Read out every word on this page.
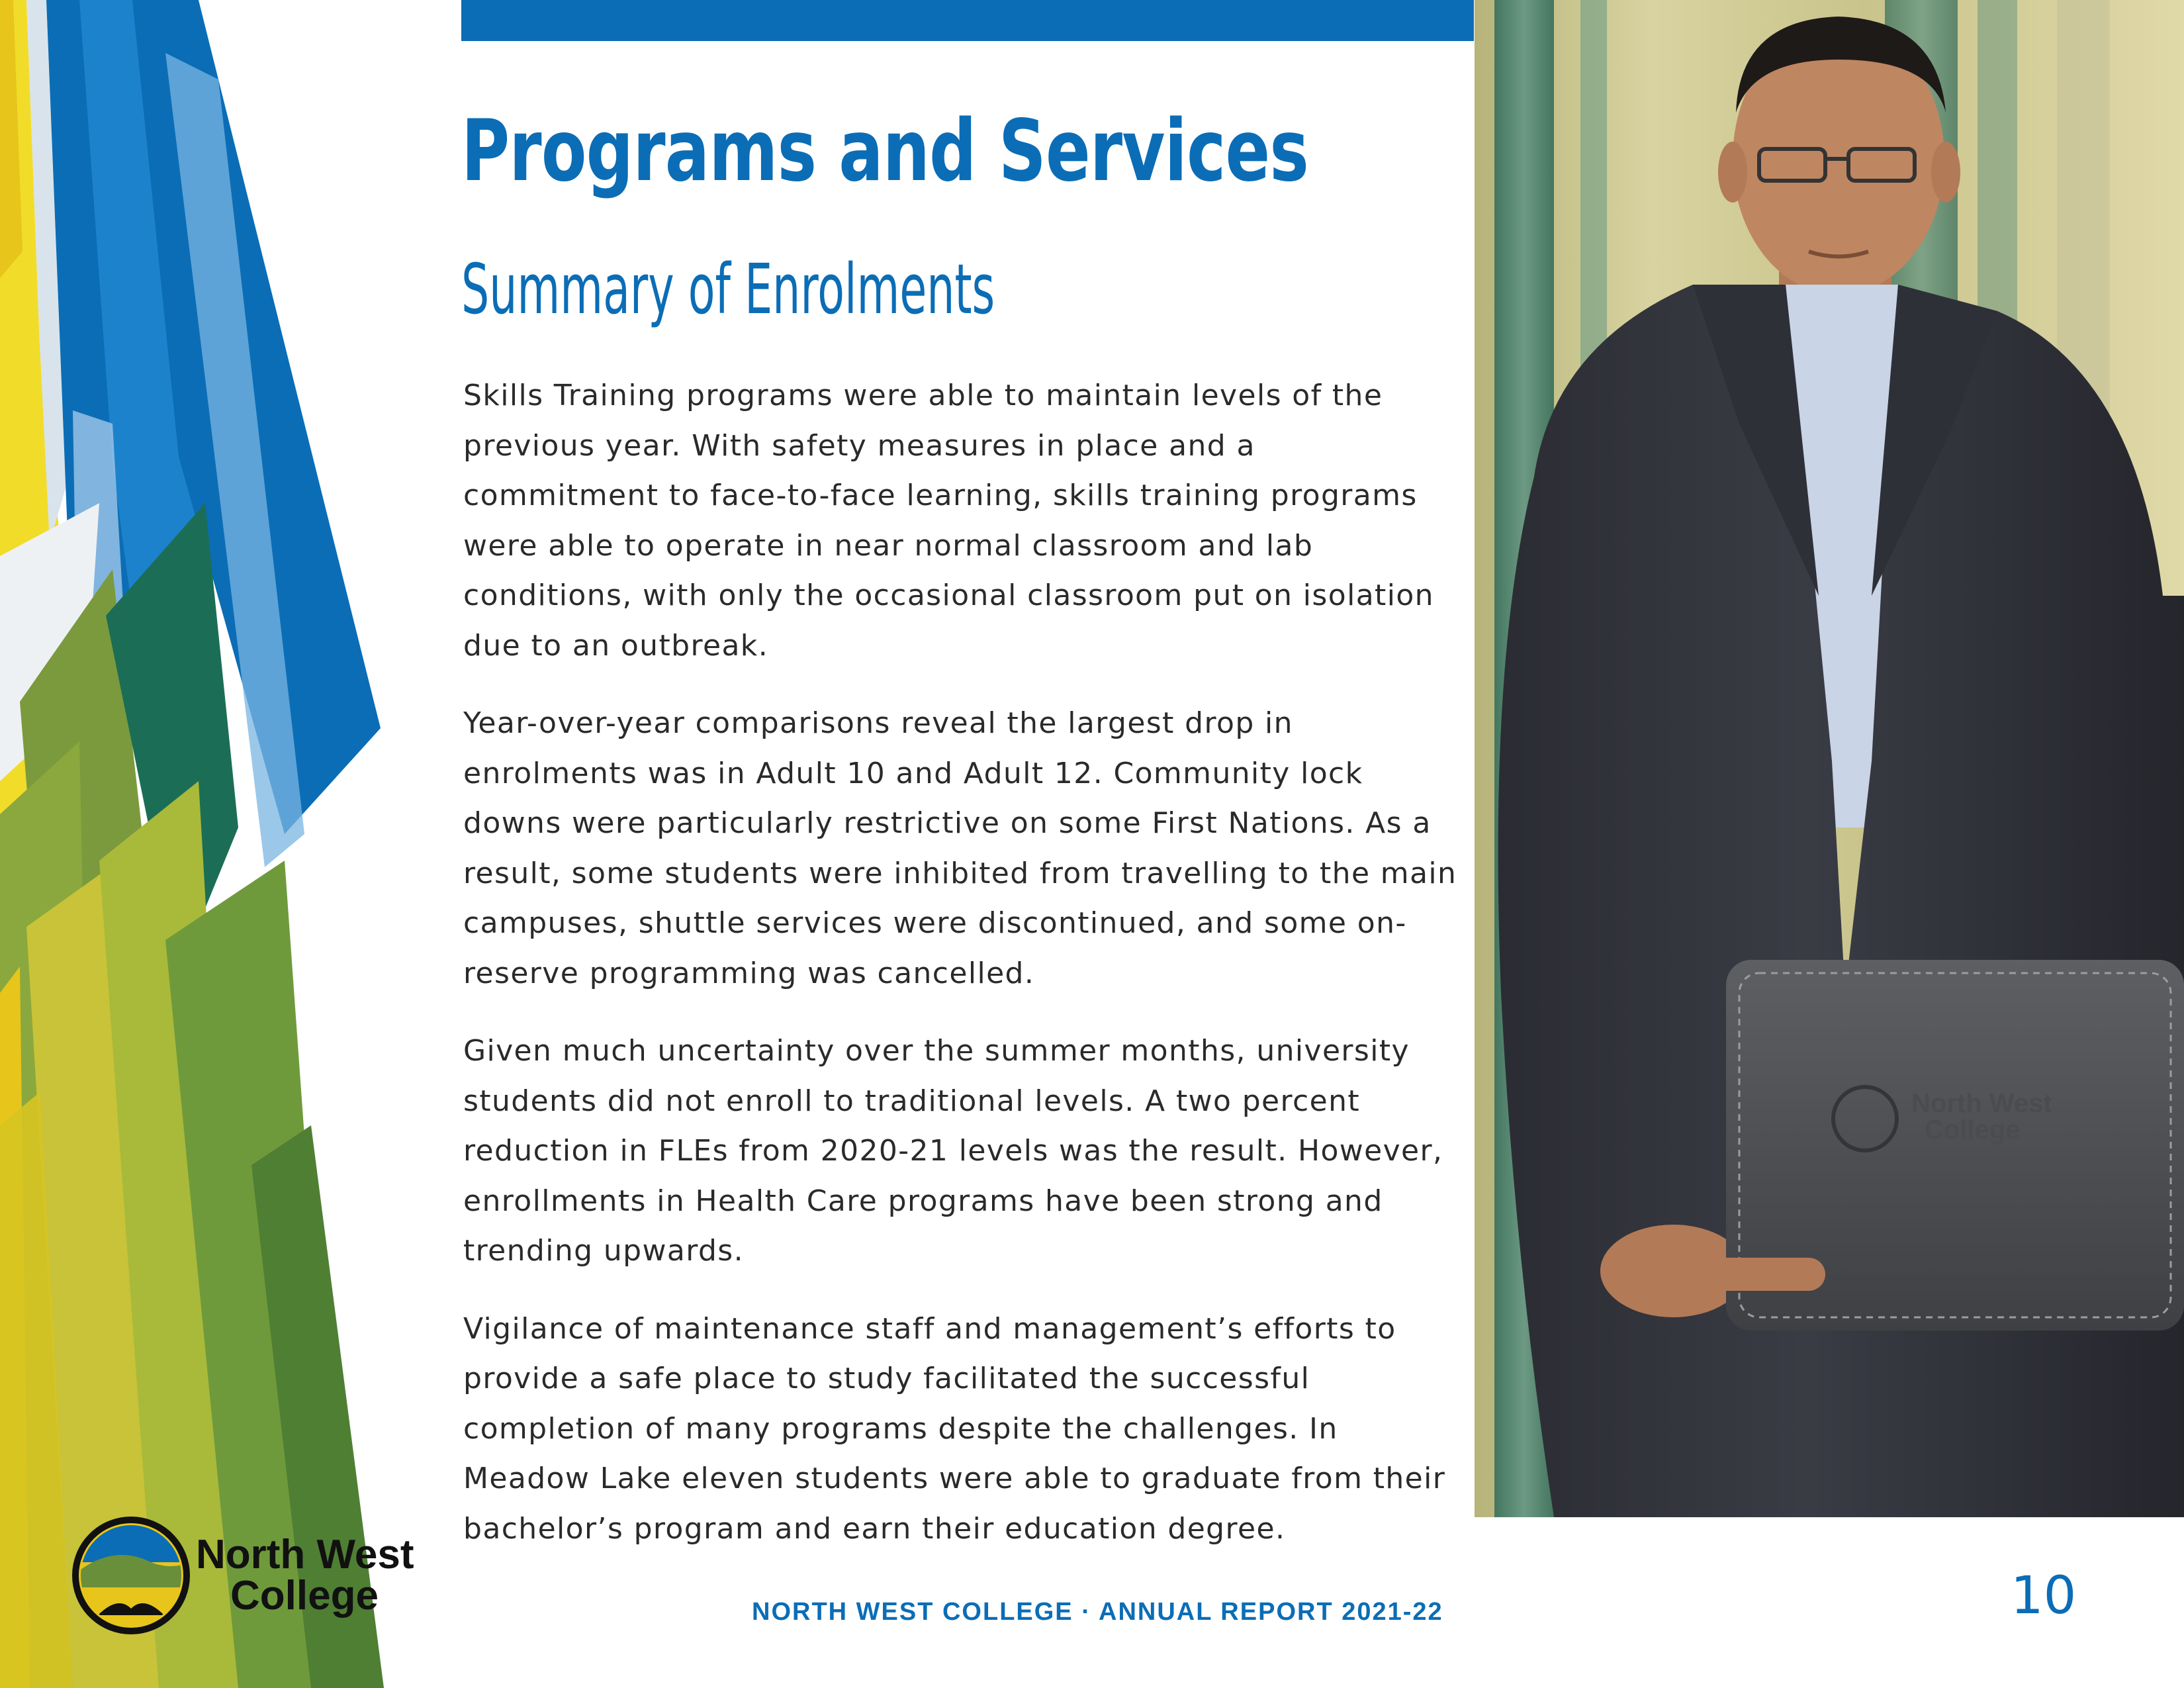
Programs and Services
Summary of Enrolments

Skills Training programs were able to maintain levels of the
previous year. With safety measures in place and a
commitment to face-to-face learning, skills training programs
were able to operate in near normal classroom and lab
conditions, with only the occasional classroom put on isolation
due to an outbreak.

Year-over-year comparisons reveal the largest drop in
enrolments was in Adult 10 and Adult 12. Community lock
downs were particularly restrictive on some First Nations. As a
result, some students were inhibited from travelling to the main
campuses, shuttle services were discontinued, and some on-
reserve programming was cancelled.

Given much uncertainty over the summer months, university
students did not enroll to traditional levels. A two percent
reduction in FLEs from 2020-21 levels was the result. However,
enrollments in Health Care programs have been strong and
trending upwards.

Vigilance of maintenance staff and management’s efforts to
provide a safe place to study facilitated the successful
completion of many programs despite the challenges. In
Meadow Lake eleven students were able to graduate from their
bachelor’s program and earn their education degree.

North West
College
North West
College	NORTH WEST COLLEGE · ANNUAL REPORT 2021-22	10
